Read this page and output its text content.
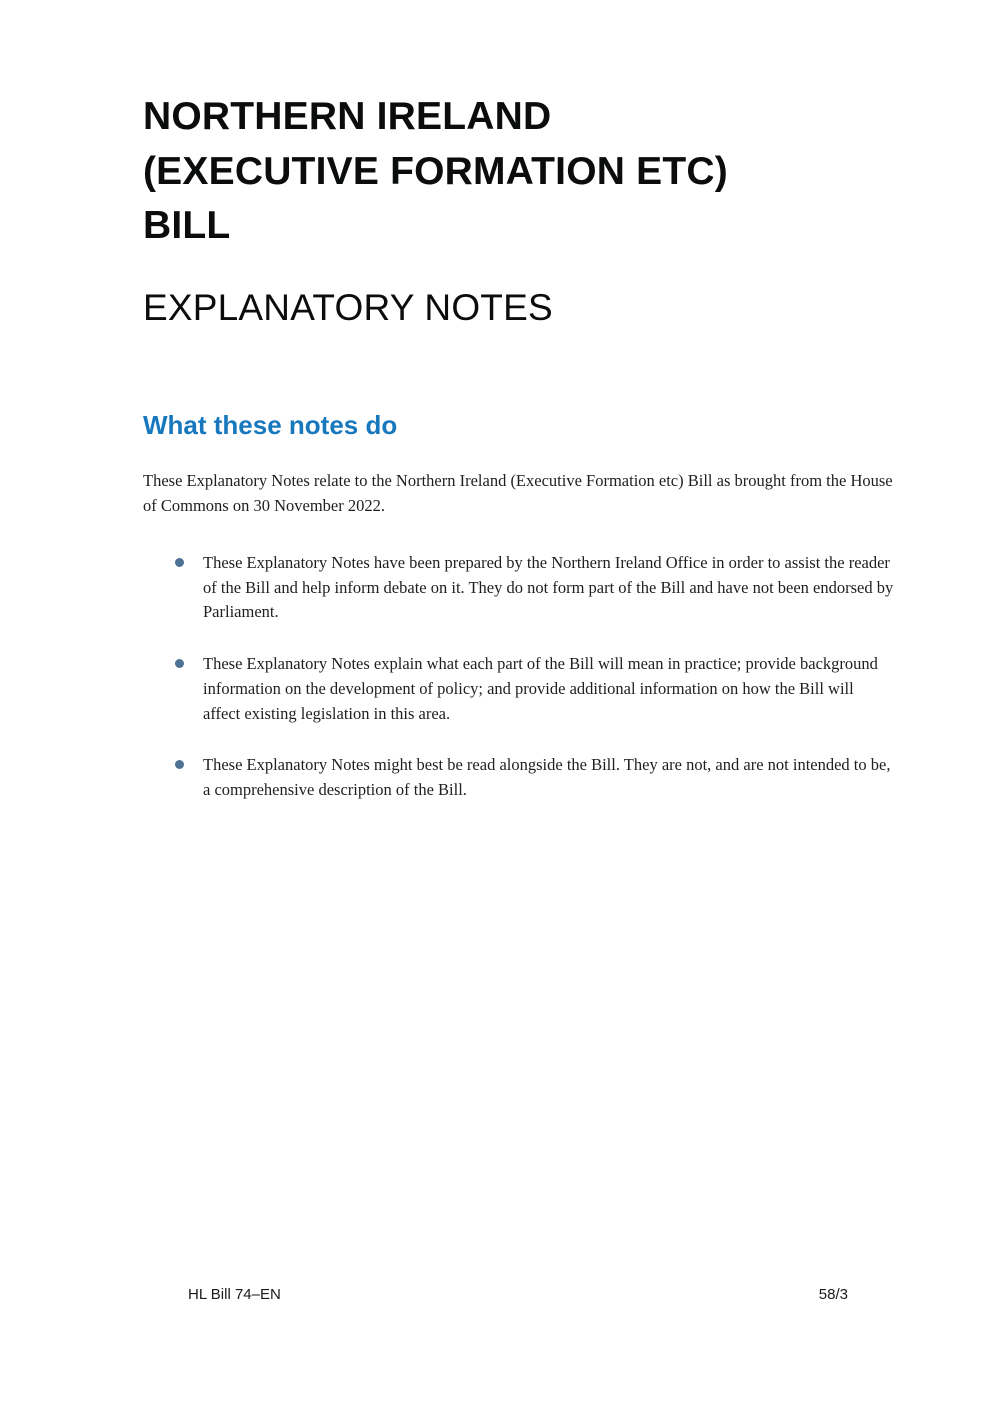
NORTHERN IRELAND (EXECUTIVE FORMATION ETC) BILL
EXPLANATORY NOTES
What these notes do

These Explanatory Notes relate to the Northern Ireland (Executive Formation etc) Bill as brought from the House of Commons on 30 November 2022.

These Explanatory Notes have been prepared by the Northern Ireland Office in order to assist the reader of the Bill and help inform debate on it. They do not form part of the Bill and have not been endorsed by Parliament.
These Explanatory Notes explain what each part of the Bill will mean in practice; provide background information on the development of policy; and provide additional information on how the Bill will affect existing legislation in this area.
These Explanatory Notes might best be read alongside the Bill. They are not, and are not intended to be, a comprehensive description of the Bill.
HL Bill 74–EN	58/3
